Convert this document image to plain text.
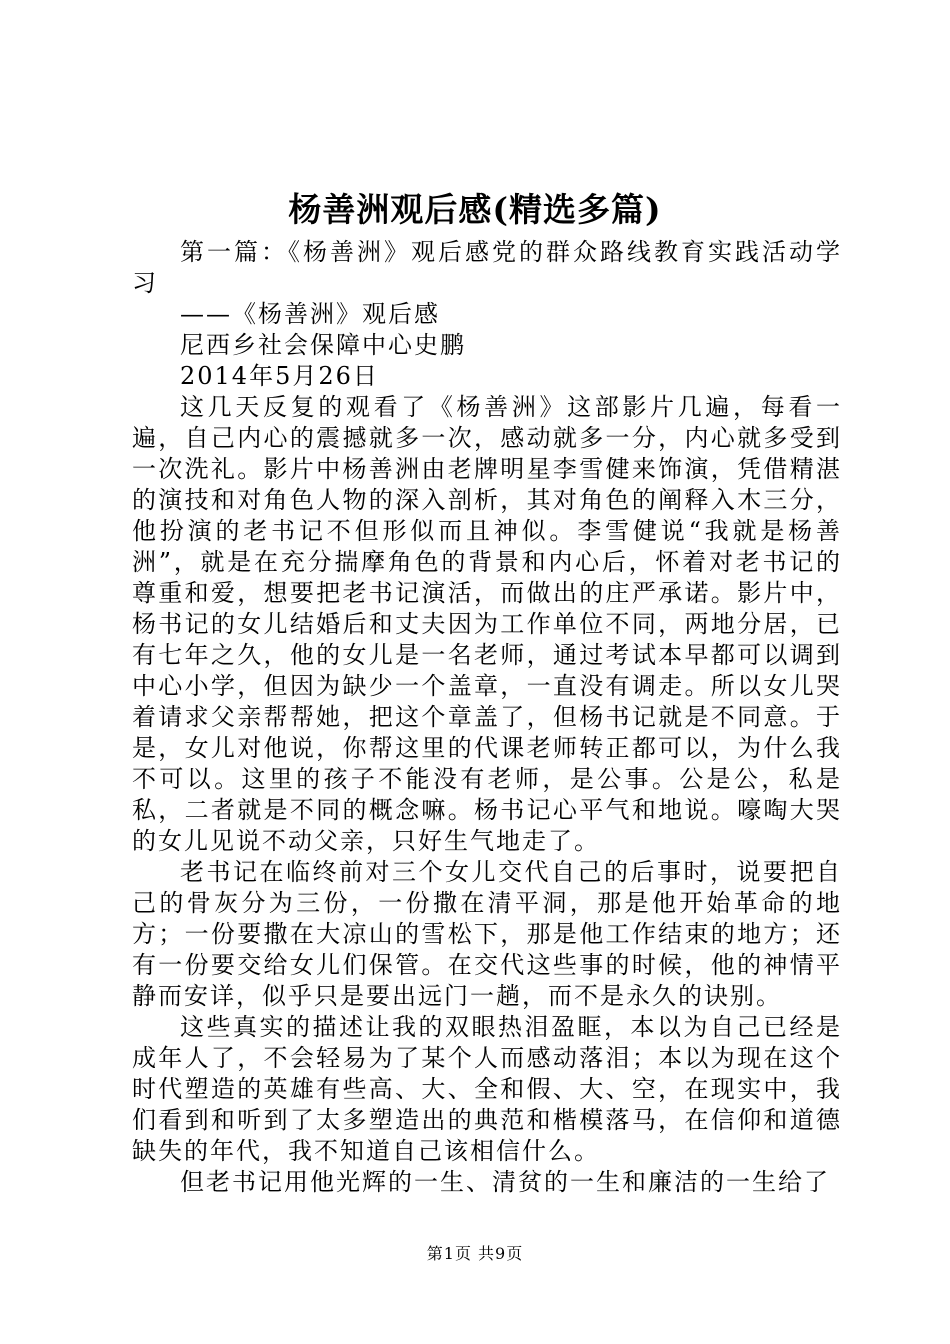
杨善洲观后感(精选多篇)

第一篇：《杨善洲》观后感党的群众路线教育实践活动学习

——《杨善洲》观后感

尼西乡社会保障中心史鹏

2014年5月26日

这几天反复的观看了《杨善洲》这部影片几遍，每看一遍，自己内心的震撼就多一次，感动就多一分，内心就多受到一次洗礼。影片中杨善洲由老牌明星李雪健来饰演，凭借精湛的演技和对角色人物的深入剖析，其对角色的阐释入木三分，他扮演的老书记不但形似而且神似。李雪健说“我就是杨善洲”，就是在充分揣摩角色的背景和内心后，怀着对老书记的尊重和爱，想要把老书记演活，而做出的庄严承诺。影片中，杨书记的女儿结婚后和丈夫因为工作单位不同，两地分居，已有七年之久，他的女儿是一名老师，通过考试本早都可以调到中心小学，但因为缺少一个盖章，一直没有调走。所以女儿哭着请求父亲帮帮她，把这个章盖了，但杨书记就是不同意。于是，女儿对他说，你帮这里的代课老师转正都可以，为什么我不可以。这里的孩子不能没有老师，是公事。公是公，私是私，二者就是不同的概念嘛。杨书记心平气和地说。嚎啕大哭的女儿见说不动父亲，只好生气地走了。

老书记在临终前对三个女儿交代自己的后事时，说要把自己的骨灰分为三份，一份撒在清平洞，那是他开始革命的地方；一份要撒在大凉山的雪松下，那是他工作结束的地方；还有一份要交给女儿们保管。在交代这些事的时候，他的神情平静而安详，似乎只是要出远门一趟，而不是永久的诀别。

这些真实的描述让我的双眼热泪盈眶，本以为自己已经是成年人了，不会轻易为了某个人而感动落泪；本以为现在这个时代塑造的英雄有些高、大、全和假、大、空，在现实中，我们看到和听到了太多塑造出的典范和楷模落马，在信仰和道德缺失的年代，我不知道自己该相信什么。

但老书记用他光辉的一生、清贫的一生和廉洁的一生给了

第1页 共9页
